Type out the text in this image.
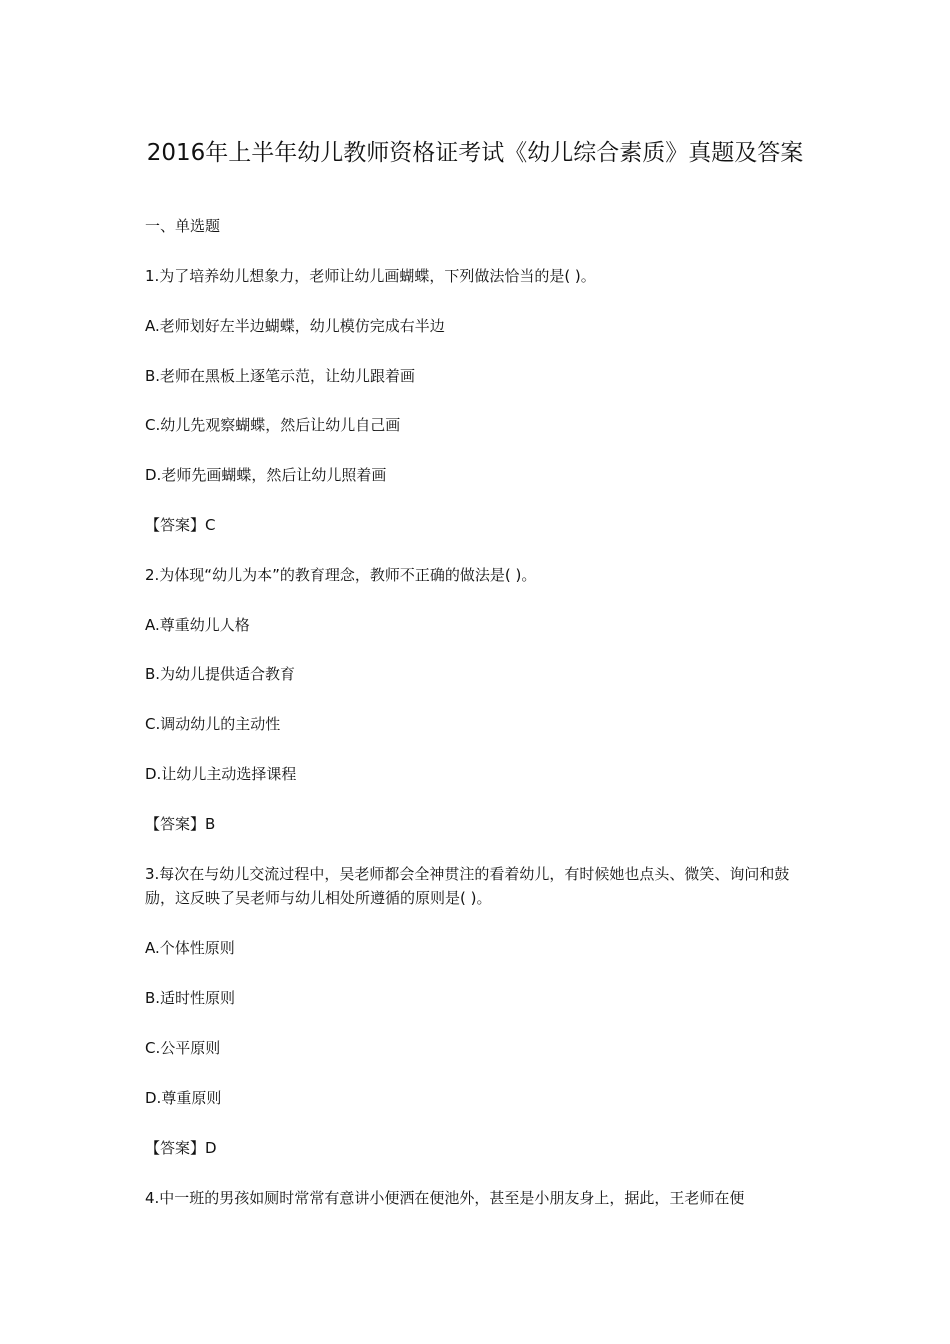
2016年上半年幼儿教师资格证考试《幼儿综合素质》真题及答案

一、单选题

1.为了培养幼儿想象力，老师让幼儿画蝴蝶，下列做法恰当的是( )。

A.老师划好左半边蝴蝶，幼儿模仿完成右半边

B.老师在黑板上逐笔示范，让幼儿跟着画

C.幼儿先观察蝴蝶，然后让幼儿自己画

D.老师先画蝴蝶，然后让幼儿照着画

【答案】C

2.为体现“幼儿为本”的教育理念，教师不正确的做法是( )。

A.尊重幼儿人格

B.为幼儿提供适合教育

C.调动幼儿的主动性

D.让幼儿主动选择课程

【答案】B

3.每次在与幼儿交流过程中，吴老师都会全神贯注的看着幼儿，有时候她也点头、微笑、询问和鼓励，这反映了吴老师与幼儿相处所遵循的原则是( )。

A.个体性原则

B.适时性原则

C.公平原则

D.尊重原则

【答案】D

4.中一班的男孩如厕时常常有意讲小便洒在便池外，甚至是小朋友身上，据此，王老师在便
